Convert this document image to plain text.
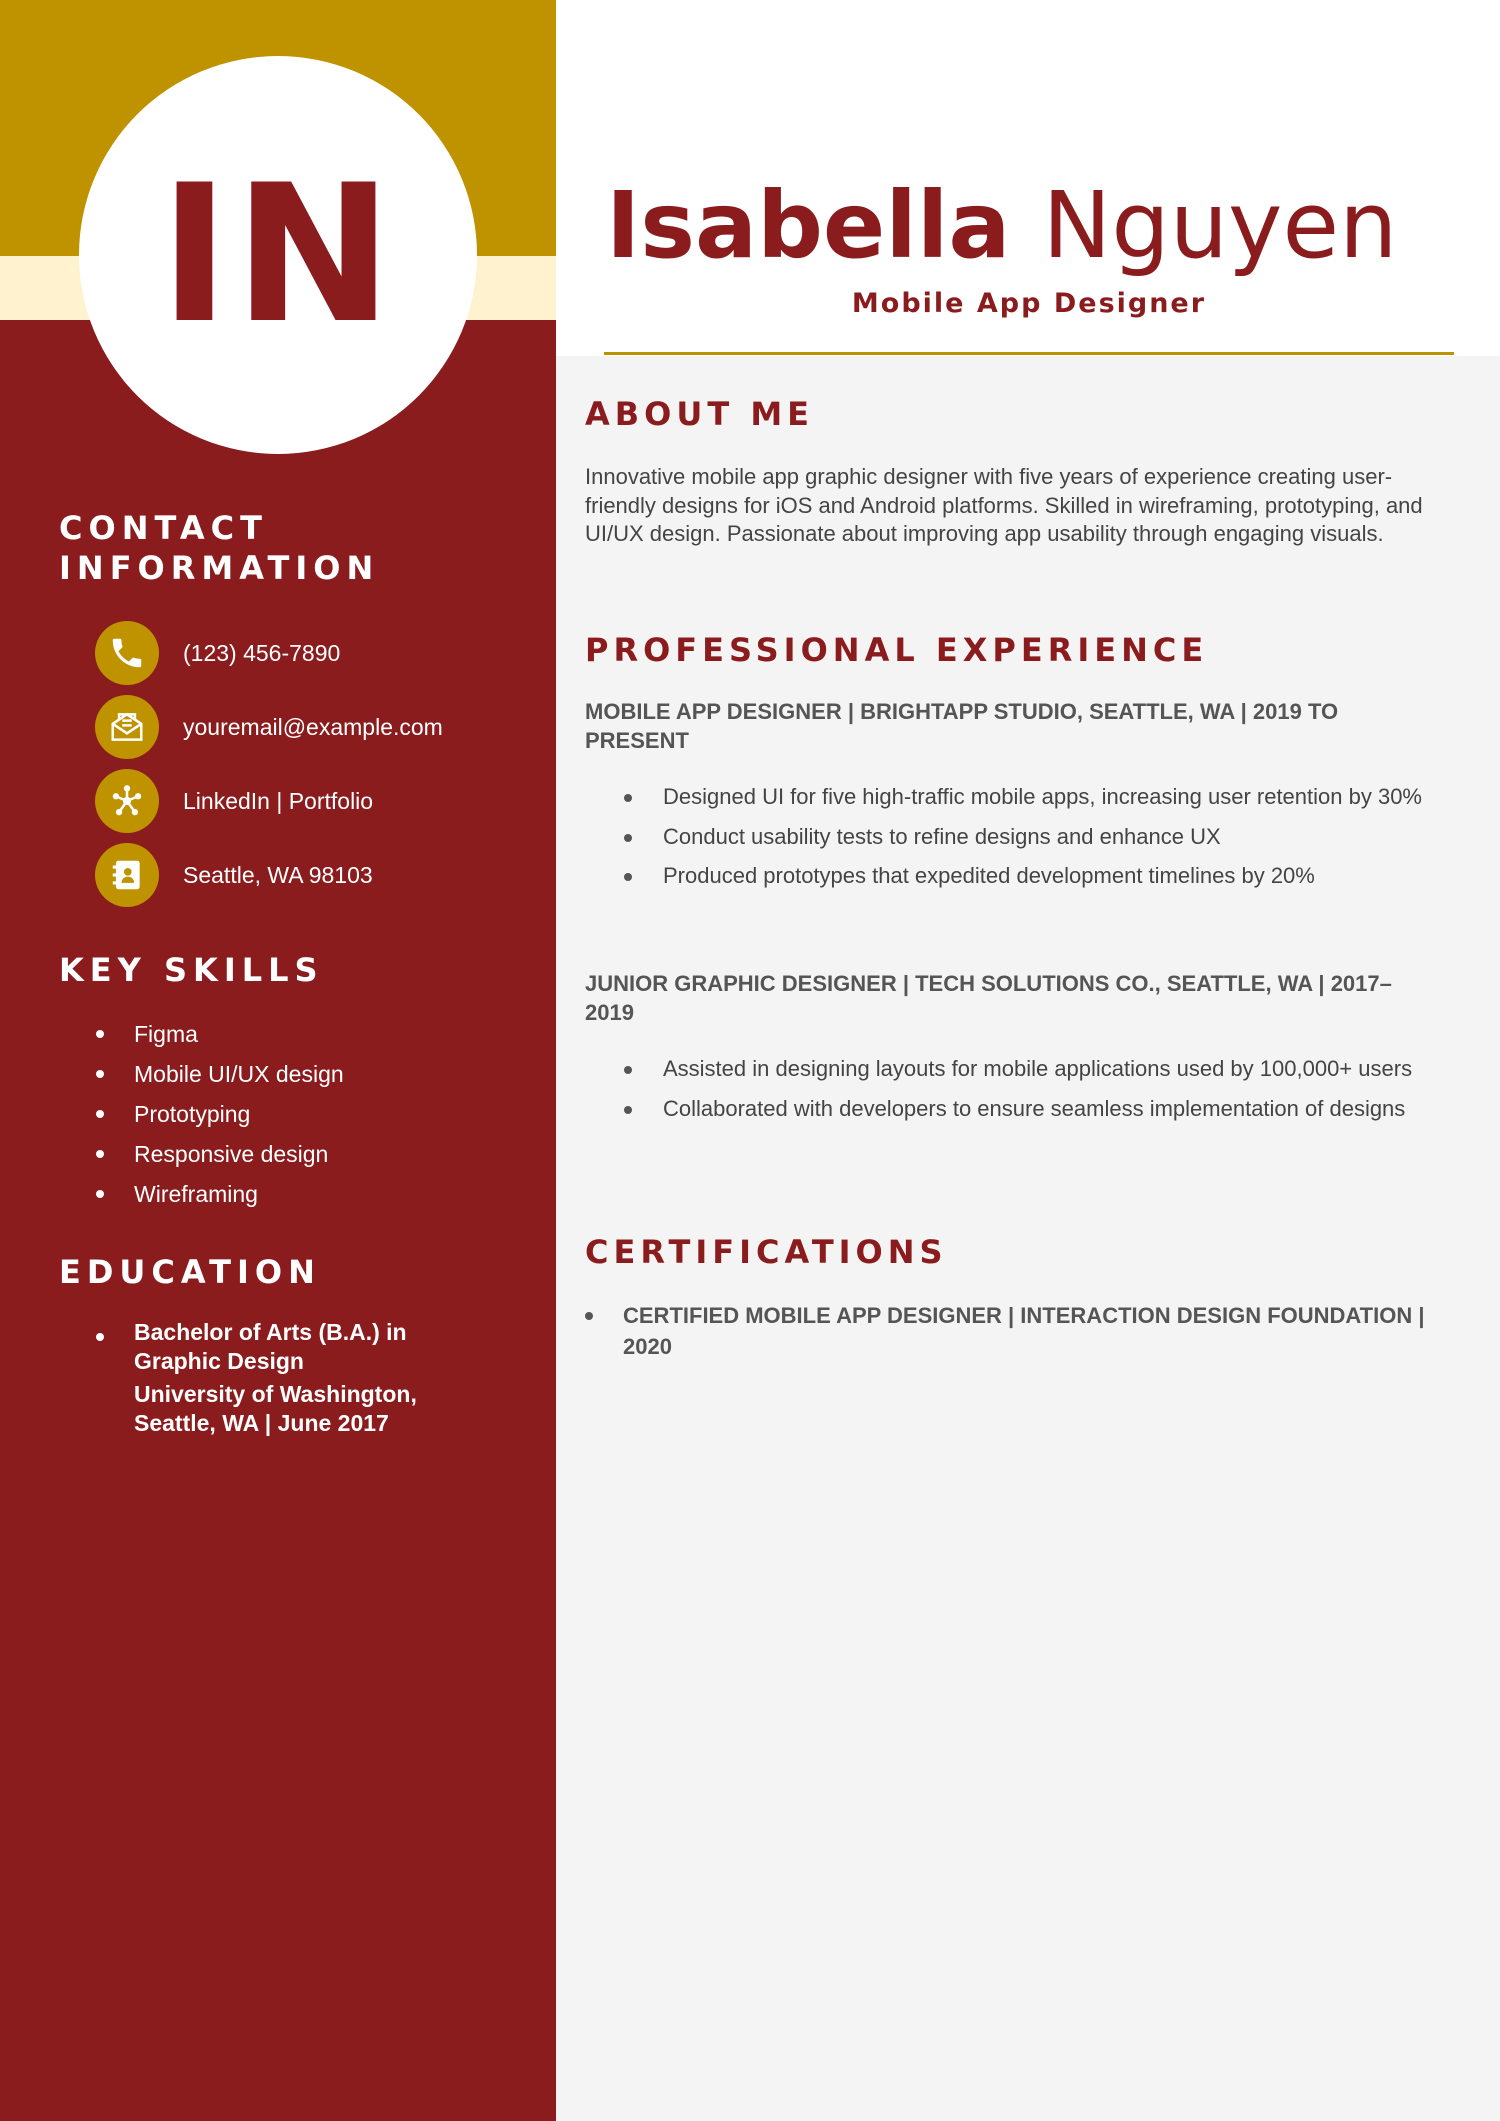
IN
CONTACT
INFORMATION
(123) 456-7890
youremail@example.com
LinkedIn | Portfolio
Seattle, WA 98103
KEY SKILLS
Figma
Mobile UI/UX design
Prototyping
Responsive design
Wireframing
EDUCATION
Bachelor of Arts (B.A.) in
Graphic Design
University of Washington,
Seattle, WA | June 2017
Isabella Nguyen
Mobile App Designer
ABOUT ME

Innovative mobile app graphic designer with five years of experience creating user-friendly designs for iOS and Android platforms. Skilled in wireframing, prototyping, and UI/UX design. Passionate about improving app usability through engaging visuals.

PROFESSIONAL EXPERIENCE

MOBILE APP DESIGNER | BRIGHTAPP STUDIO, SEATTLE, WA | 2019 TO PRESENT

Designed UI for five high-traffic mobile apps, increasing user retention by 30%
Conduct usability tests to refine designs and enhance UX
Produced prototypes that expedited development timelines by 20%

JUNIOR GRAPHIC DESIGNER | TECH SOLUTIONS CO., SEATTLE, WA | 2017–2019

Assisted in designing layouts for mobile applications used by 100,000+ users
Collaborated with developers to ensure seamless implementation of designs
CERTIFICATIONS
CERTIFIED MOBILE APP DESIGNER | INTERACTION DESIGN FOUNDATION | 2020
